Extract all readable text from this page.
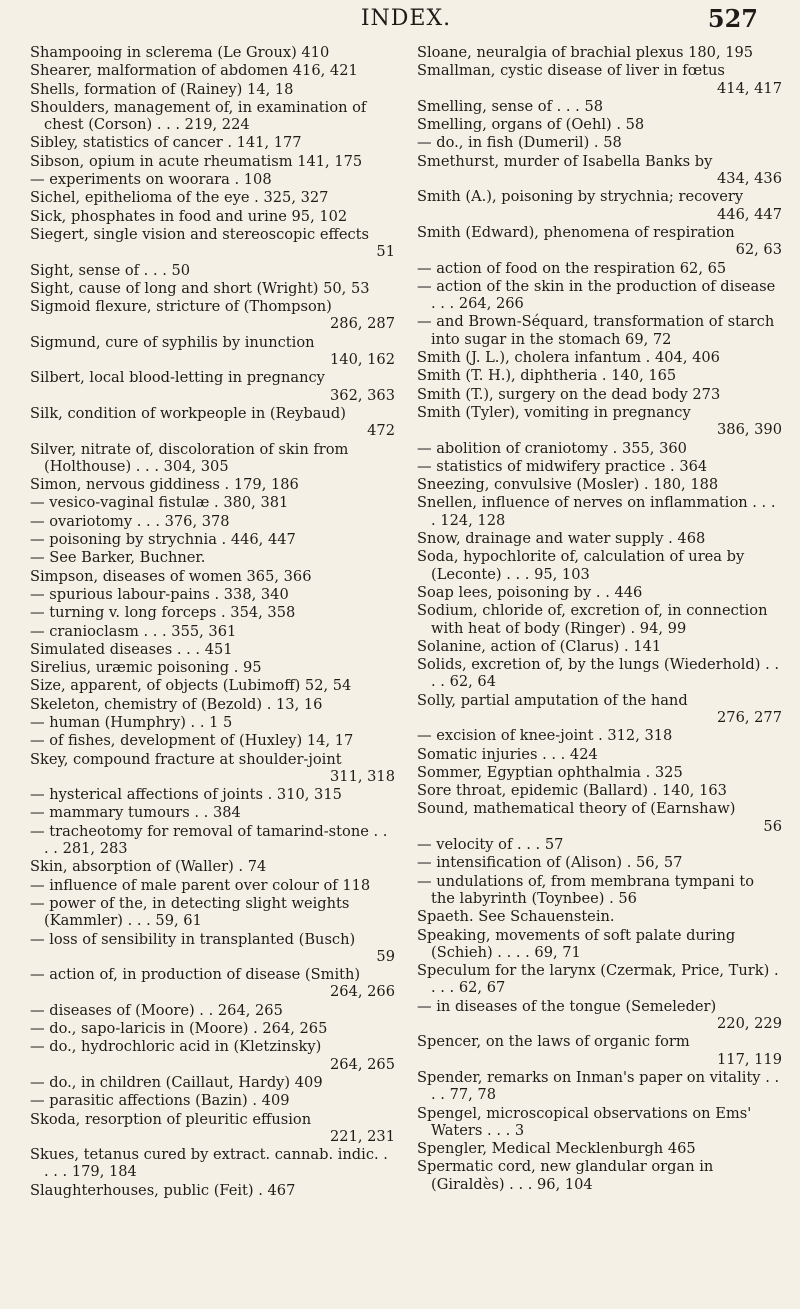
INDEX.	527
Shampooing in sclerema (Le Groux) 410
Shearer, malformation of abdomen 416, 421
Shells, formation of (Rainey) 14, 18
Shoulders, management of, in examination of chest (Corson) . . . 219, 224
Sibley, statistics of cancer . 141, 177
Sibson, opium in acute rheumatism 141, 175
— experiments on woorara . 108
Sichel, epithelioma of the eye . 325, 327
Sick, phosphates in food and urine 95, 102
Siegert, single vision and stereoscopic effects
51
Sight, sense of . . . 50
Sight, cause of long and short (Wright) 50, 53
Sigmoid flexure, stricture of (Thompson)
286, 287
Sigmund, cure of syphilis by inunction
140, 162
Silbert, local blood-letting in pregnancy
362, 363
Silk, condition of workpeople in (Reybaud)
472
Silver, nitrate of, discoloration of skin from (Holthouse) . . . 304, 305
Simon, nervous giddiness . 179, 186
— vesico-vaginal fistulæ . 380, 381
— ovariotomy . . . 376, 378
— poisoning by strychnia . 446, 447
— See Barker, Buchner.
Simpson, diseases of women 365, 366
— spurious labour-pains . 338, 340
— turning v. long forceps . 354, 358
— cranioclasm . . . 355, 361
Simulated diseases . . . 451
Sirelius, uræmic poisoning . 95
Size, apparent, of objects (Lubimoff) 52, 54
Skeleton, chemistry of (Bezold) . 13, 16
— human (Humphry) . . 1 5
— of fishes, development of (Huxley) 14, 17
Skey, compound fracture at shoulder-joint
311, 318
— hysterical affections of joints . 310, 315
— mammary tumours . . 384
— tracheotomy for removal of tamarind-stone . . . . 281, 283
Skin, absorption of (Waller) . 74
— influence of male parent over colour of 118
— power of the, in detecting slight weights (Kammler) . . . 59, 61
— loss of sensibility in transplanted (Busch)
59
— action of, in production of disease (Smith)
264, 266
— diseases of (Moore) . . 264, 265
— do., sapo-laricis in (Moore) . 264, 265
— do., hydrochloric acid in (Kletzinsky)
264, 265
— do., in children (Caillaut, Hardy) 409
— parasitic affections (Bazin) . 409
Skoda, resorption of pleuritic effusion
221, 231
Skues, tetanus cured by extract. cannab. indic. . . . . 179, 184
Slaughterhouses, public (Feit) . 467
Sloane, neuralgia of brachial plexus 180, 195
Smallman, cystic disease of liver in fœtus
414, 417
Smelling, sense of . . . 58
Smelling, organs of (Oehl) . 58
— do., in fish (Dumeril) . 58
Smethurst, murder of Isabella Banks by
434, 436
Smith (A.), poisoning by strychnia; recovery
446, 447
Smith (Edward), phenomena of respiration
62, 63
— action of food on the respiration 62, 65
— action of the skin in the production of disease . . . 264, 266
— and Brown-Séquard, transformation of starch into sugar in the stomach 69, 72
Smith (J. L.), cholera infantum . 404, 406
Smith (T. H.), diphtheria . 140, 165
Smith (T.), surgery on the dead body 273
Smith (Tyler), vomiting in pregnancy
386, 390
— abolition of craniotomy . 355, 360
— statistics of midwifery practice . 364
Sneezing, convulsive (Mosler) . 180, 188
Snellen, influence of nerves on inflammation . . . . 124, 128
Snow, drainage and water supply . 468
Soda, hypochlorite of, calculation of urea by (Leconte) . . . 95, 103
Soap lees, poisoning by . . 446
Sodium, chloride of, excretion of, in connection with heat of body (Ringer) . 94, 99
Solanine, action of (Clarus) . 141
Solids, excretion of, by the lungs (Wiederhold) . . . . 62, 64
Solly, partial amputation of the hand
276, 277
— excision of knee-joint . 312, 318
Somatic injuries . . . 424
Sommer, Egyptian ophthalmia . 325
Sore throat, epidemic (Ballard) . 140, 163
Sound, mathematical theory of (Earnshaw)
56
— velocity of . . . 57
— intensification of (Alison) . 56, 57
— undulations of, from membrana tympani to the labyrinth (Toynbee) . 56
Spaeth. See Schauenstein.
Speaking, movements of soft palate during (Schieh) . . . . 69, 71
Speculum for the larynx (Czermak, Price, Turk) . . . . 62, 67
— in diseases of the tongue (Semeleder)
220, 229
Spencer, on the laws of organic form
117, 119
Spender, remarks on Inman's paper on vitality . . . . 77, 78
Spengel, microscopical observations on Ems' Waters . . . 3
Spengler, Medical Mecklenburgh 465
Spermatic cord, new glandular organ in (Giraldès) . . . 96, 104
